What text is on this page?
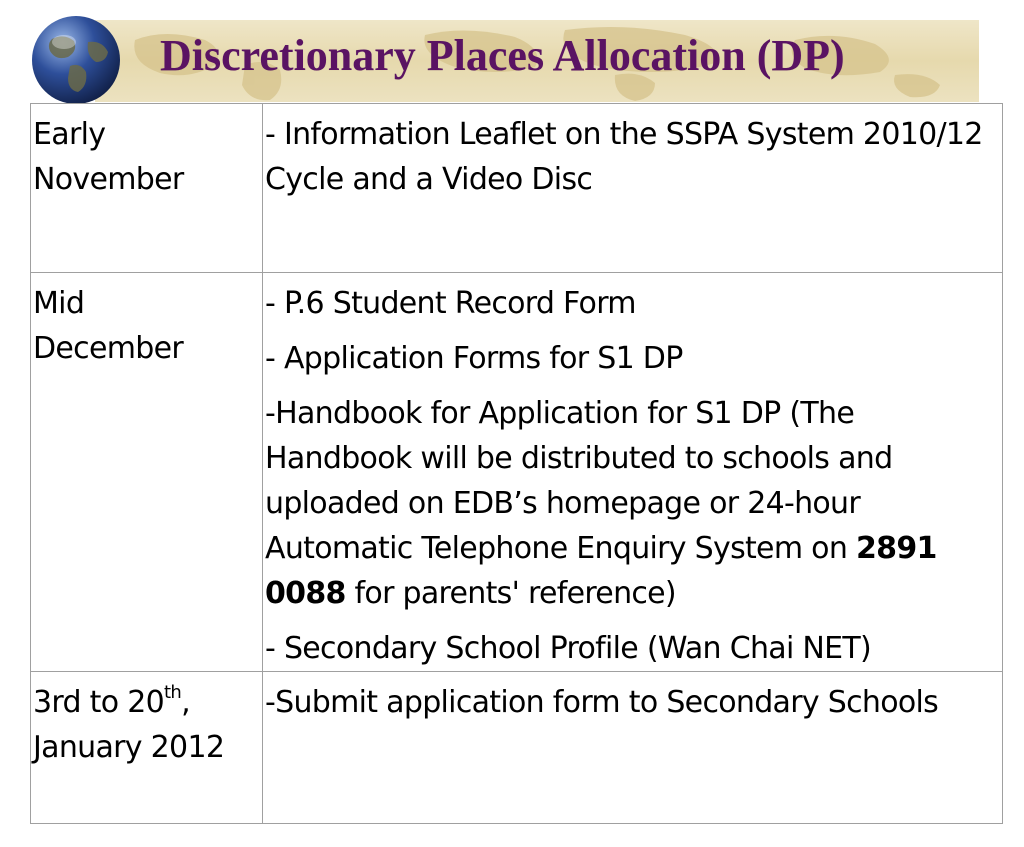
Discretionary Places Allocation (DP)
Early
November	- Information Leaflet on the SSPA System 2010/12 Cycle and a Video Disc

Mid
December	- P.6 Student Record Form
- Application Forms for S1 DP
-Handbook for Application for S1 DP (The Handbook will be distributed to schools and uploaded on EDB’s homepage or 24-hour Automatic Telephone Enquiry System on 2891 0088 for parents' reference)
- Secondary School Profile (Wan Chai NET)

3rd to 20th,
January 2012	-Submit application form to Secondary Schools
